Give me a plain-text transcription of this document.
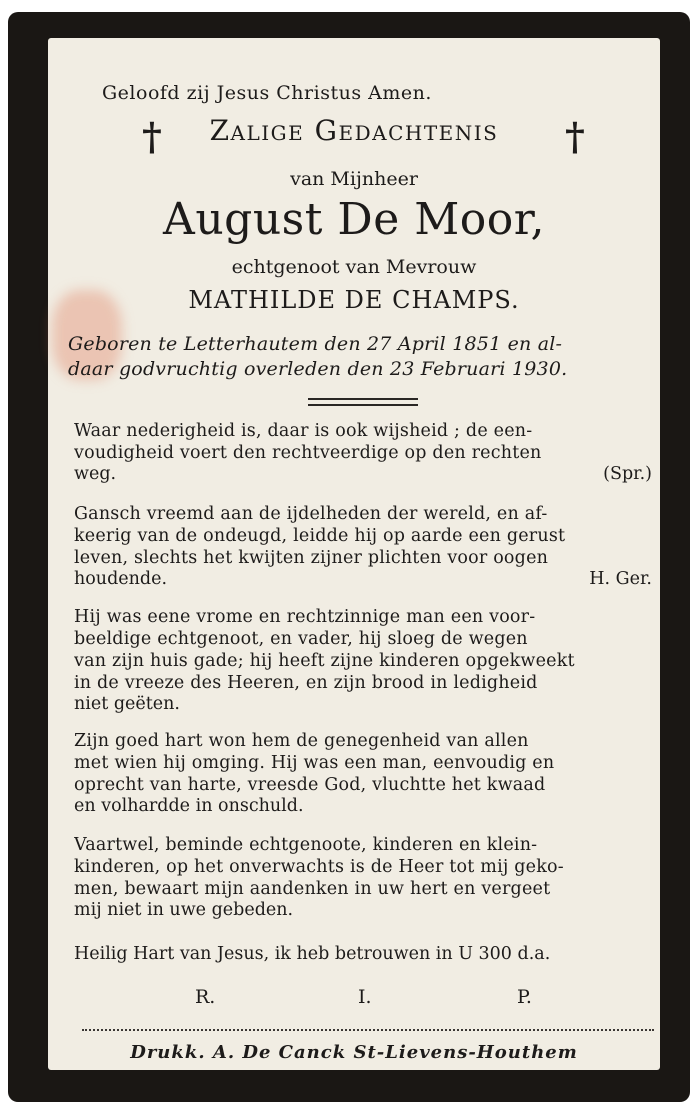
Geloofd zij Jesus Christus Amen.
†	Zalige Gedachtenis	†
van Mijnheer
August De Moor,
echtgenoot van Mevrouw
MATHILDE DE CHAMPS.
Geboren te Letterhautem den 27 April 1851 en al-
daar godvruchtig overleden den 23 Februari 1930.
Waar nederigheid is, daar is ook wijsheid ; de een-
voudigheid voert den rechtveerdige op den rechten
weg.	(Spr.)
Gansch vreemd aan de ijdelheden der wereld, en af-
keerig van de ondeugd, leidde hij op aarde een gerust
leven, slechts het kwijten zijner plichten voor oogen
houdende.	H. Ger.
Hij was eene vrome en rechtzinnige man een voor-
beeldige echtgenoot, en vader, hij sloeg de wegen
van zijn huis gade; hij heeft zijne kinderen opgekweekt
in de vreeze des Heeren, en zijn brood in ledigheid
niet geëten.
Zijn goed hart won hem de genegenheid van allen
met wien hij omging. Hij was een man, eenvoudig en
oprecht van harte, vreesde God, vluchtte het kwaad
en volhardde in onschuld.
Vaartwel, beminde echtgenoote, kinderen en klein-
kinderen, op het onverwachts is de Heer tot mij geko-
men, bewaart mijn aandenken in uw hert en vergeet
mij niet in uwe gebeden.
Heilig Hart van Jesus, ik heb betrouwen in U 300 d.a.
R.	I.	P.
Drukk. A. De Canck St-Lievens-Houthem
